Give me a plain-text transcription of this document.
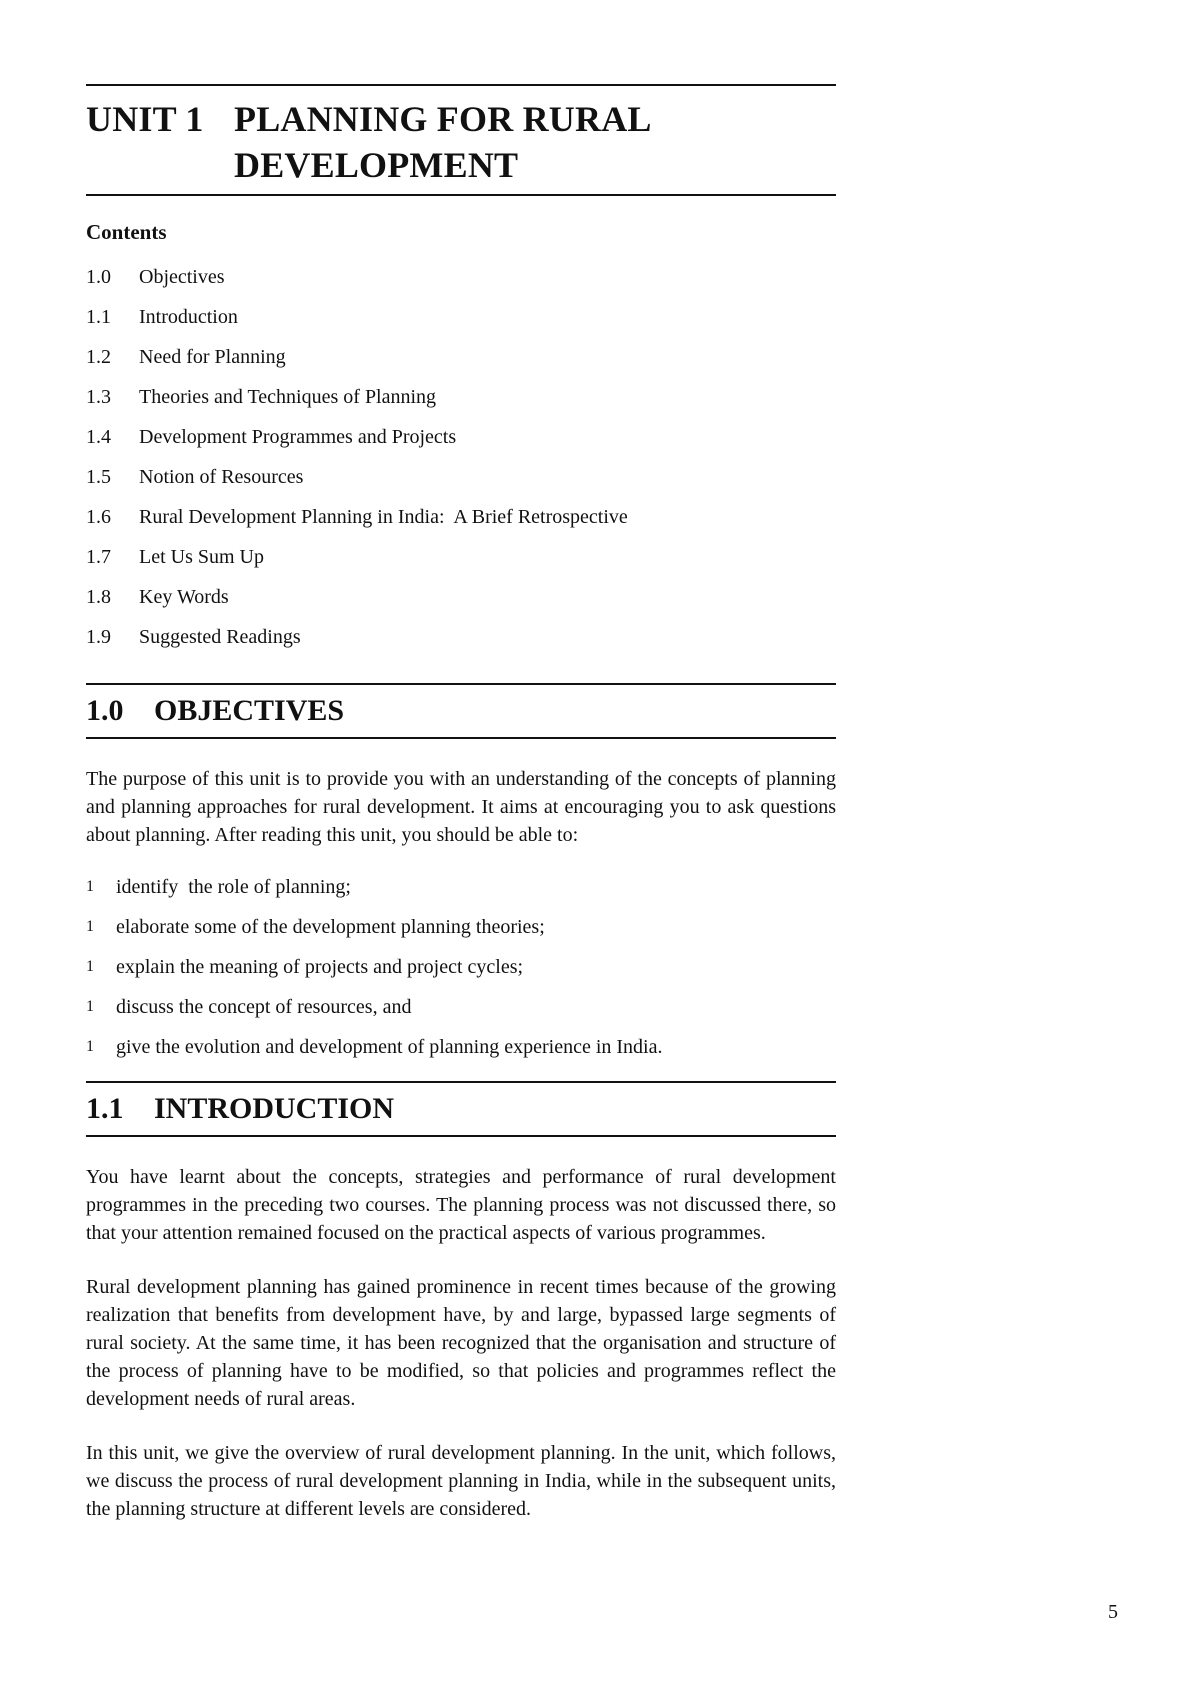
UNIT 1 PLANNING FOR RURAL
DEVELOPMENT
Contents
1.0	Objectives
1.1	Introduction
1.2	Need for Planning
1.3	Theories and Techniques of Planning
1.4	Development Programmes and Projects
1.5	Notion of Resources
1.6	Rural Development Planning in India:  A Brief Retrospective
1.7	Let Us Sum Up
1.8	Key Words
1.9	Suggested Readings
1.0	OBJECTIVES

The purpose of this unit is to provide you with an understanding of the concepts of planning and planning approaches for rural development. It aims at encouraging you to ask questions about planning. After reading this unit, you should be able to:

1	identify  the role of planning;
1	elaborate some of the development planning theories;
1	explain the meaning of projects and project cycles;
1	discuss the concept of resources, and
1	give the evolution and development of planning experience in India.
1.1	INTRODUCTION

You have learnt about the concepts, strategies and performance of rural development programmes in the preceding two courses. The planning process was not discussed there, so that your attention remained focused on the practical aspects of various programmes.

Rural development planning has gained prominence in recent times because of the growing realization that benefits from development have, by and large, bypassed large segments of rural society. At the same time, it has been recognized that the organisation and structure of the process of planning have to be modified, so that policies and programmes reflect the development needs of rural areas.

In this unit, we give the overview of rural development planning. In the unit, which follows, we discuss the process of rural development planning in India, while in the subsequent units, the planning structure at different levels are considered.

5
